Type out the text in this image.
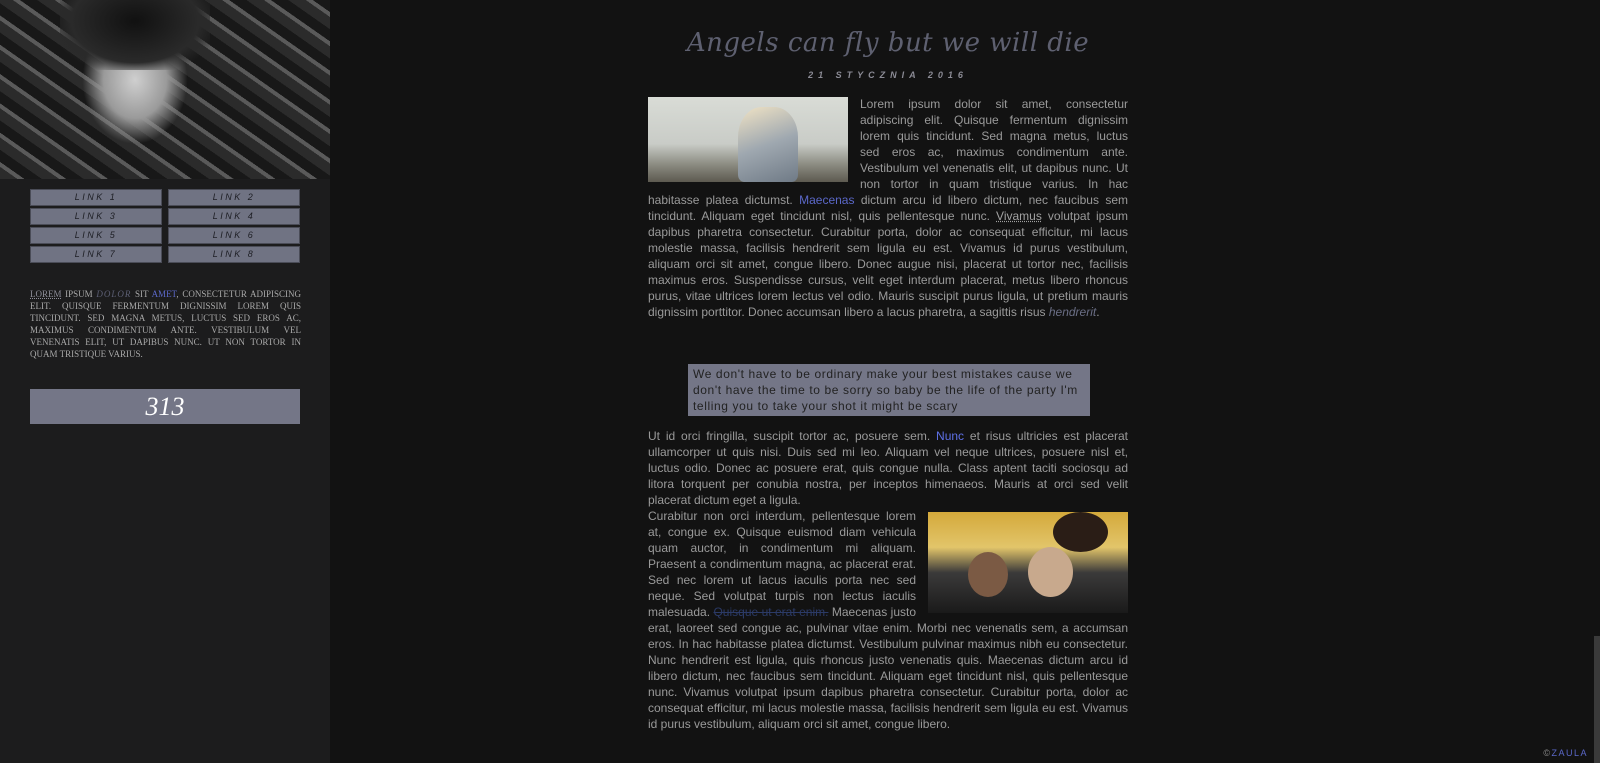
LINK 1	LINK 2
LINK 3	LINK 4
LINK 5	LINK 6
LINK 7	LINK 8
LOREM IPSUM DOLOR SIT AMET, CONSECTETUR ADIPISCING ELIT. QUISQUE FERMENTUM DIGNISSIM LOREM QUIS TINCIDUNT. SED MAGNA METUS, LUCTUS SED EROS AC, MAXIMUS CONDIMENTUM ANTE. VESTIBULUM VEL VENENATIS ELIT, UT DAPIBUS NUNC. UT NON TORTOR IN QUAM TRISTIQUE VARIUS.
313
Angels can fly but we will die
21 STYCZNIA 2016
Lorem ipsum dolor sit amet, consectetur adipiscing elit. Quisque fermentum dignissim lorem quis tincidunt. Sed magna metus, luctus sed eros ac, maximus condimentum ante. Vestibulum vel venenatis elit, ut dapibus nunc. Ut non tortor in quam tristique varius. In hac habitasse platea dictumst. Maecenas dictum arcu id libero dictum, nec faucibus sem tincidunt. Aliquam eget tincidunt nisl, quis pellentesque nunc. Vivamus volutpat ipsum dapibus pharetra consectetur. Curabitur porta, dolor ac consequat efficitur, mi lacus molestie massa, facilisis hendrerit sem ligula eu est. Vivamus id purus vestibulum, aliquam orci sit amet, congue libero. Donec augue nisi, placerat ut tortor nec, facilisis maximus eros. Suspendisse cursus, velit eget interdum placerat, metus libero rhoncus purus, vitae ultrices lorem lectus vel odio. Mauris suscipit purus ligula, ut pretium mauris dignissim porttitor. Donec accumsan libero a lacus pharetra, a sagittis risus hendrerit.
We don't have to be ordinary make your best mistakes cause we don't have the time to be sorry so baby be the life of the party I'm telling you to take your shot it might be scary
Ut id orci fringilla, suscipit tortor ac, posuere sem. Nunc et risus ultricies est placerat ullamcorper ut quis nisi. Duis sed mi leo. Aliquam vel neque ultrices, posuere nisl et, luctus odio. Donec ac posuere erat, quis congue nulla. Class aptent taciti sociosqu ad litora torquent per conubia nostra, per inceptos himenaeos. Mauris at orci sed velit placerat dictum eget a ligula.

Curabitur non orci interdum, pellentesque lorem at, congue ex. Quisque euismod diam vehicula quam auctor, in condimentum mi aliquam. Praesent a condimentum magna, ac placerat erat. Sed nec lorem ut lacus iaculis porta nec sed neque. Sed volutpat turpis non lectus iaculis malesuada. Quisque ut erat enim. Maecenas justo erat, laoreet sed congue ac, pulvinar vitae enim. Morbi nec venenatis sem, a accumsan eros. In hac habitasse platea dictumst. Vestibulum pulvinar maximus nibh eu consectetur. Nunc hendrerit est ligula, quis rhoncus justo venenatis quis. Maecenas dictum arcu id libero dictum, nec faucibus sem tincidunt. Aliquam eget tincidunt nisl, quis pellentesque nunc. Vivamus volutpat ipsum dapibus pharetra consectetur. Curabitur porta, dolor ac consequat efficitur, mi lacus molestie massa, facilisis hendrerit sem ligula eu est. Vivamus id purus vestibulum, aliquam orci sit amet, congue libero.
©ZAULA
